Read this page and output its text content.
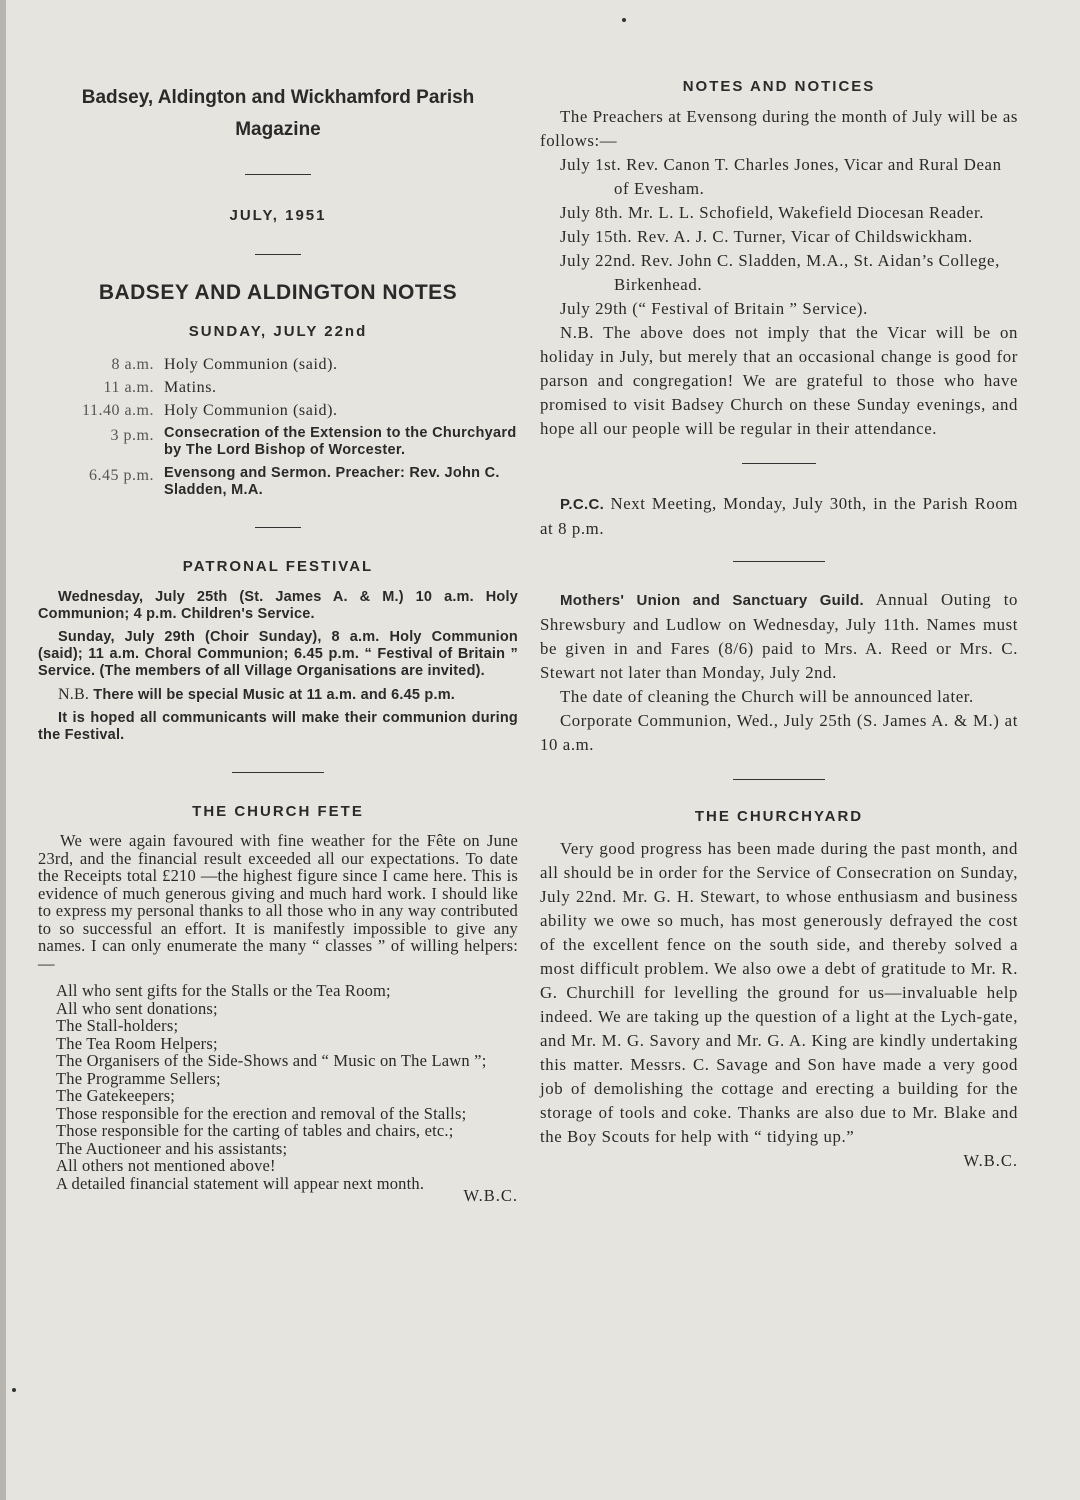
Badsey, Aldington and Wickhamford Parish
Magazine
JULY, 1951
BADSEY AND ALDINGTON NOTES
SUNDAY, JULY 22nd
8 a.m. Holy Communion (said).
11 a.m. Matins.
11.40 a.m. Holy Communion (said).
3 p.m. Consecration of the Extension to the Churchyard by The Lord Bishop of Worcester.
6.45 p.m. Evensong and Sermon. Preacher: Rev. John C. Sladden, M.A.
PATRONAL FESTIVAL

Wednesday, July 25th (St. James A. & M.) 10 a.m. Holy Communion; 4 p.m. Children's Service.

Sunday, July 29th (Choir Sunday), 8 a.m. Holy Communion (said); 11 a.m. Choral Communion; 6.45 p.m. “ Festival of Britain ” Service. (The members of all Village Organisations are invited).

N.B. There will be special Music at 11 a.m. and 6.45 p.m.

It is hoped all communicants will make their communion during the Festival.

THE CHURCH FETE

We were again favoured with fine weather for the Fête on June 23rd, and the financial result exceeded all our expectations. To date the Receipts total £210 —the highest figure since I came here. This is evidence of much generous giving and much hard work. I should like to express my personal thanks to all those who in any way contributed to so successful an effort. It is manifestly impossible to give any names. I can only enumerate the many “ classes ” of willing helpers:—

All who sent gifts for the Stalls or the Tea Room;

All who sent donations;

The Stall-holders;

The Tea Room Helpers;

The Organisers of the Side-Shows and “ Music on The Lawn ”;

The Programme Sellers;

The Gatekeepers;

Those responsible for the erection and removal of the Stalls;

Those responsible for the carting of tables and chairs, etc.;

The Auctioneer and his assistants;

All others not mentioned above!

A detailed financial statement will appear next month.

W.B.C.
NOTES AND NOTICES

The Preachers at Evensong during the month of July will be as follows:—

July 1st. Rev. Canon T. Charles Jones, Vicar and Rural Dean of Evesham.

July 8th. Mr. L. L. Schofield, Wakefield Diocesan Reader.

July 15th. Rev. A. J. C. Turner, Vicar of Childswickham.

July 22nd. Rev. John C. Sladden, M.A., St. Aidan’s College, Birkenhead.

July 29th (“ Festival of Britain ” Service).

N.B. The above does not imply that the Vicar will be on holiday in July, but merely that an occasional change is good for parson and congregation! We are grateful to those who have promised to visit Badsey Church on these Sunday evenings, and hope all our people will be regular in their attendance.

P.C.C. Next Meeting, Monday, July 30th, in the Parish Room at 8 p.m.

Mothers' Union and Sanctuary Guild. Annual Outing to Shrewsbury and Ludlow on Wednesday, July 11th. Names must be given in and Fares (8/6) paid to Mrs. A. Reed or Mrs. C. Stewart not later than Monday, July 2nd.

The date of cleaning the Church will be announced later.

Corporate Communion, Wed., July 25th (S. James A. & M.) at 10 a.m.

THE CHURCHYARD

Very good progress has been made during the past month, and all should be in order for the Service of Consecration on Sunday, July 22nd. Mr. G. H. Stewart, to whose enthusiasm and business ability we owe so much, has most generously defrayed the cost of the excellent fence on the south side, and thereby solved a most difficult problem. We also owe a debt of gratitude to Mr. R. G. Churchill for levelling the ground for us—invaluable help indeed. We are taking up the question of a light at the Lych-gate, and Mr. M. G. Savory and Mr. G. A. King are kindly undertaking this matter. Messrs. C. Savage and Son have made a very good job of demolishing the cottage and erecting a building for the storage of tools and coke. Thanks are also due to Mr. Blake and the Boy Scouts for help with “ tidying up.”

W.B.C.
